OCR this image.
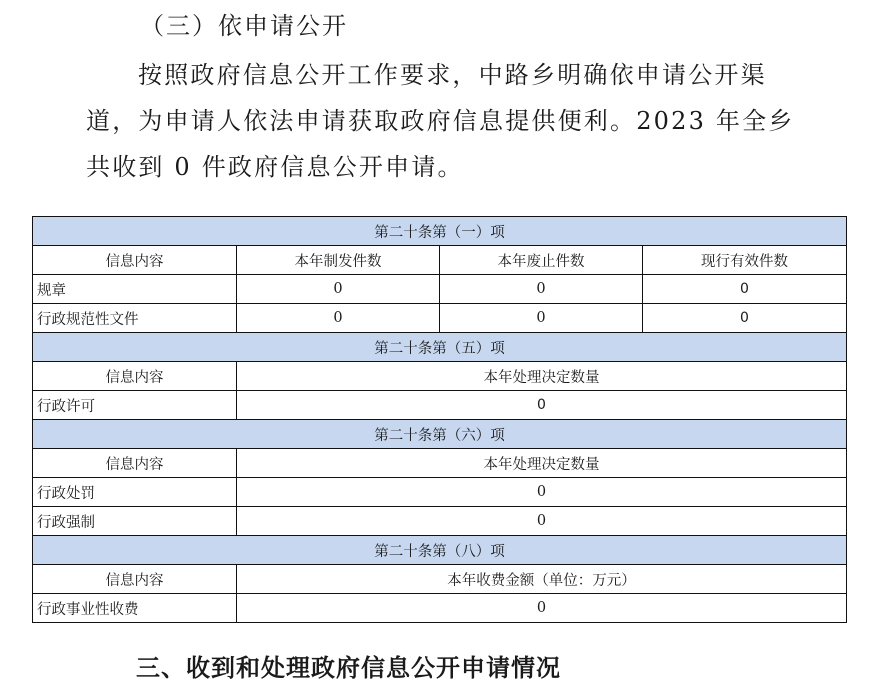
（三）依申请公开
按照政府信息公开工作要求，中路乡明确依申请公开渠
道，为申请人依法申请获取政府信息提供便利。2023 年全乡
共收到 0 件政府信息公开申请。
第二十条第（一）项			
信息内容	本年制发件数	本年废止件数	现行有效件数
规章	0	0	0
行政规范性文件	0	0	0
第二十条第（五）项			
信息内容	本年处理决定数量		
行政许可	0		
第二十条第（六）项			
信息内容	本年处理决定数量		
行政处罚	0		
行政强制	0		
第二十条第（八）项			
信息内容	本年收费金额（单位：万元）		
行政事业性收费	0		
三、收到和处理政府信息公开申请情况
